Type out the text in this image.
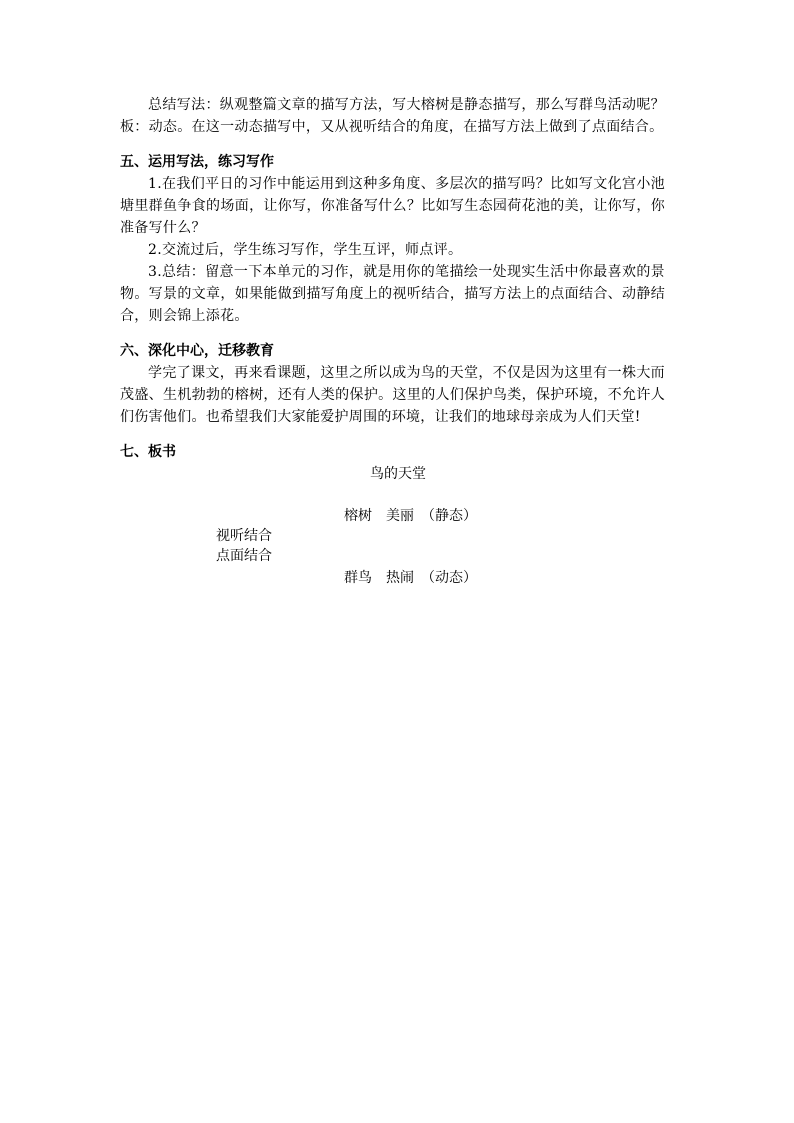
总结写法：纵观整篇文章的描写方法，写大榕树是静态描写，那么写群鸟活动呢？板：动态。在这一动态描写中，又从视听结合的角度，在描写方法上做到了点面结合。

五、运用写法，练习写作

1.在我们平日的习作中能运用到这种多角度、多层次的描写吗？比如写文化宫小池塘里群鱼争食的场面，让你写，你准备写什么？比如写生态园荷花池的美，让你写，你准备写什么？

2.交流过后，学生练习写作，学生互评，师点评。

3.总结：留意一下本单元的习作，就是用你的笔描绘一处现实生活中你最喜欢的景物。写景的文章，如果能做到描写角度上的视听结合，描写方法上的点面结合、动静结合，则会锦上添花。

六、深化中心，迁移教育

学完了课文，再来看课题，这里之所以成为鸟的天堂，不仅是因为这里有一株大而茂盛、生机勃勃的榕树，还有人类的保护。这里的人们保护鸟类，保护环境，不允许人们伤害他们。也希望我们大家能爱护周围的环境，让我们的地球母亲成为人们天堂!

七、板书
鸟的天堂
榕树　美丽　（静态）
视听结合
点面结合
群鸟　热闹　（动态）
